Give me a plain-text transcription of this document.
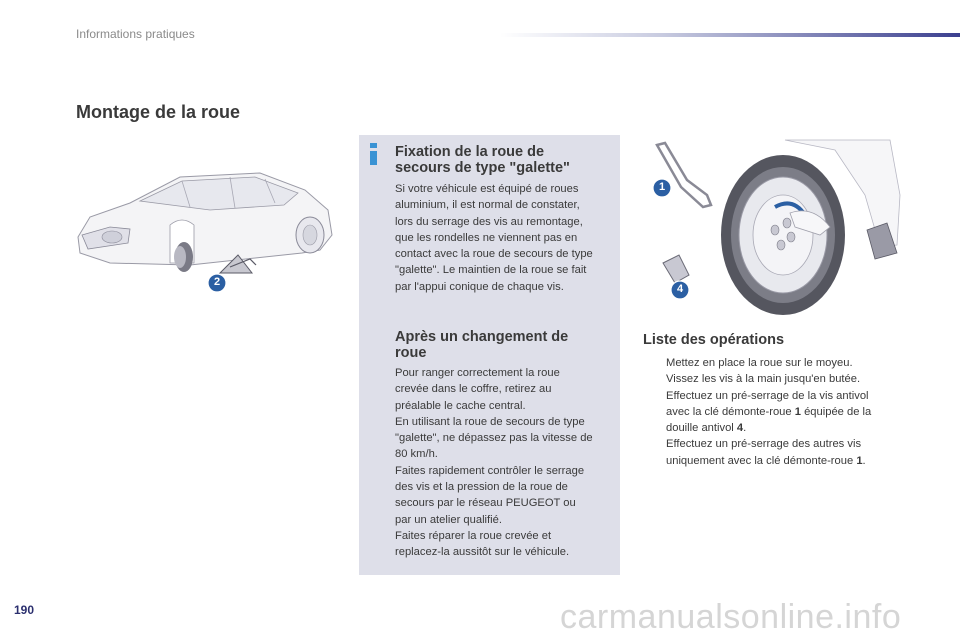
Informations pratiques
Montage de la roue
2
Fixation de la roue de
secours de type "galette"

Si votre véhicule est équipé de roues

aluminium, il est normal de constater,

lors du serrage des vis au remontage,

que les rondelles ne viennent pas en

contact avec la roue de secours de type

"galette". Le maintien de la roue se fait

par l'appui conique de chaque vis.

Après un changement de
roue

Pour ranger correctement la roue

crevée dans le coffre, retirez au

préalable le cache central.

En utilisant la roue de secours de type

"galette", ne dépassez pas la vitesse de

80 km/h.

Faites rapidement contrôler le serrage

des vis et la pression de la roue de

secours par le réseau PEUGEOT ou

par un atelier qualifié.

Faites réparer la roue crevée et

replacez-la aussitôt sur le véhicule.

1
4
Liste des opérations
Mettez en place la roue sur le moyeu.
Vissez les vis à la main jusqu'en butée.
Effectuez un pré-serrage de la vis antivol
avec la clé démonte-roue 1 équipée de la
douille antivol 4.
Effectuez un pré-serrage des autres vis
uniquement avec la clé démonte-roue 1.
190	carmanualsonline.info
